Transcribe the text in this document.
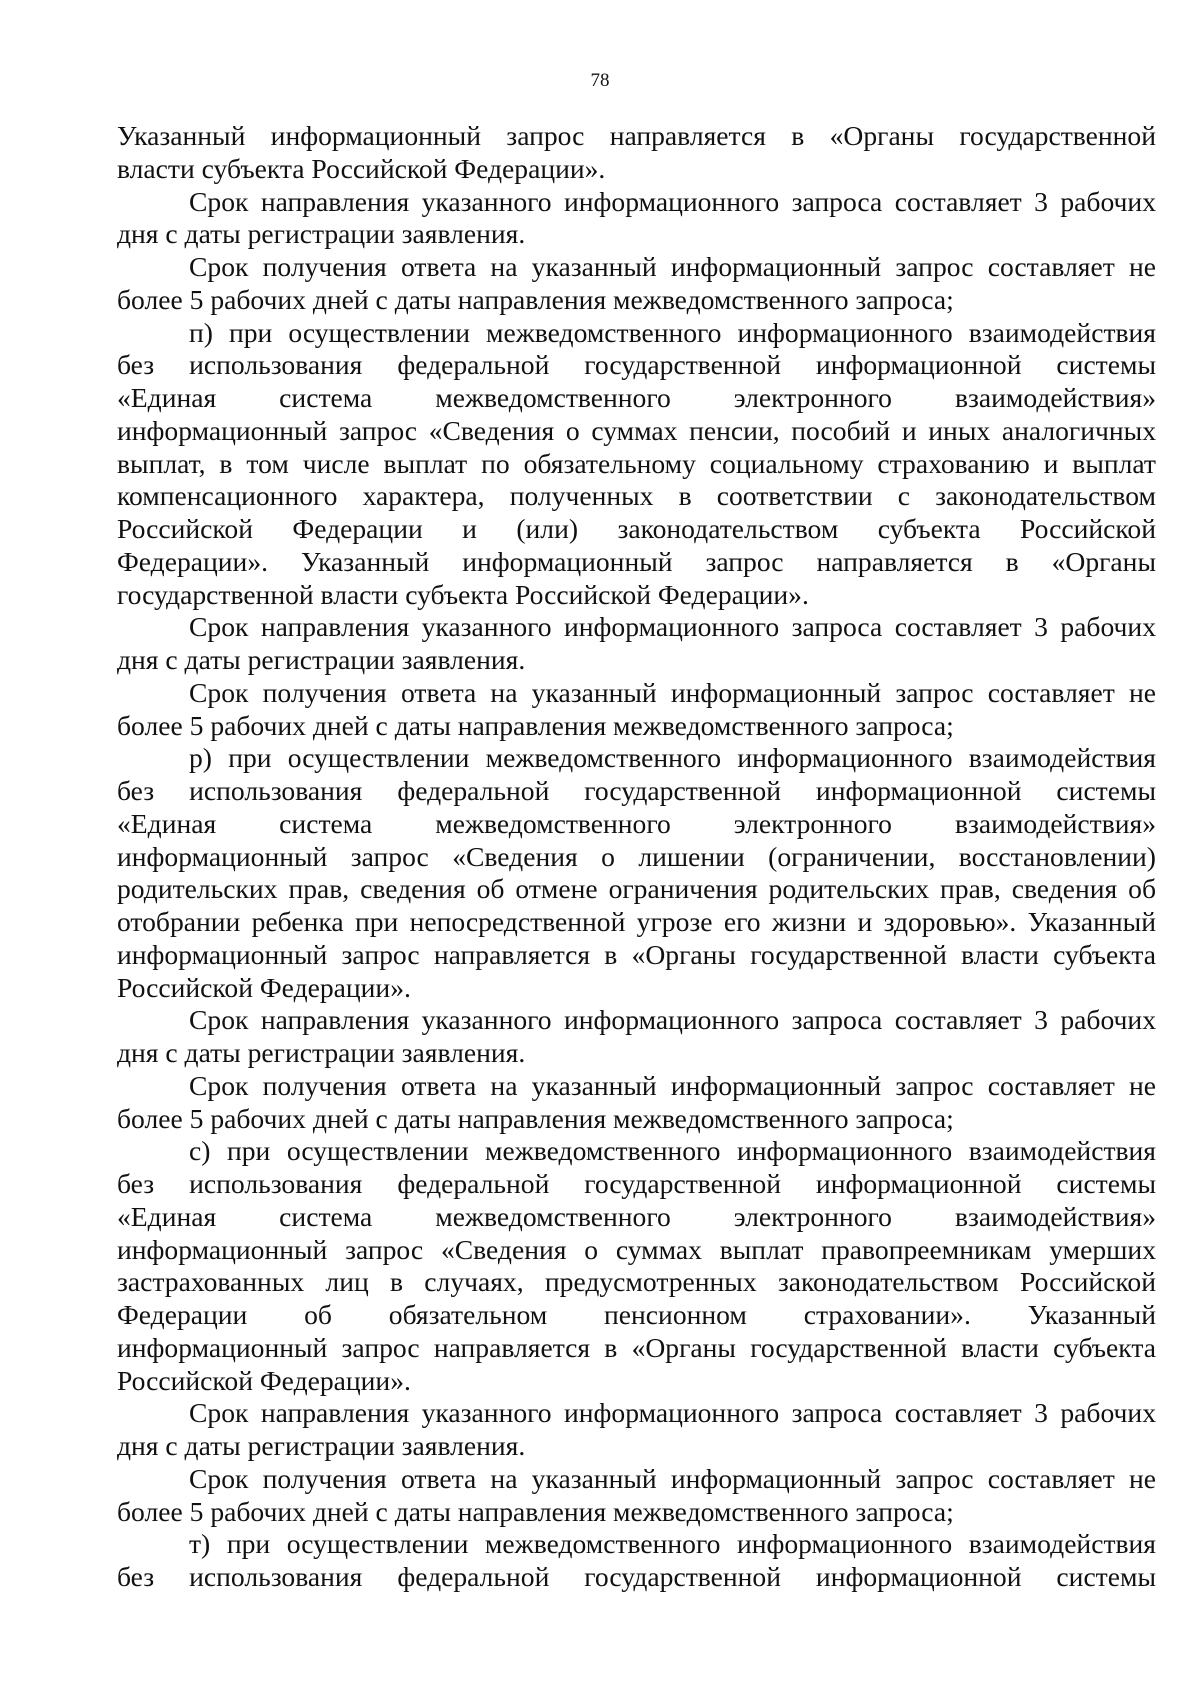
78
Указанный информационный запрос направляется в «Органы государственной
власти субъекта Российской Федерации».
Срок направления указанного информационного запроса составляет 3 рабочих
дня с даты регистрации заявления.
Срок получения ответа на указанный информационный запрос составляет не
более 5 рабочих дней с даты направления межведомственного запроса;
п) при осуществлении межведомственного информационного взаимодействия
без использования федеральной государственной информационной системы
«Единая система межведомственного электронного взаимодействия»
информационный запрос «Сведения о суммах пенсии, пособий и иных аналогичных
выплат, в том числе выплат по обязательному социальному страхованию и выплат
компенсационного характера, полученных в соответствии с законодательством
Российской Федерации и (или) законодательством субъекта Российской
Федерации». Указанный информационный запрос направляется в «Органы
государственной власти субъекта Российской Федерации».
Срок направления указанного информационного запроса составляет 3 рабочих
дня с даты регистрации заявления.
Срок получения ответа на указанный информационный запрос составляет не
более 5 рабочих дней с даты направления межведомственного запроса;
р) при осуществлении межведомственного информационного взаимодействия
без использования федеральной государственной информационной системы
«Единая система межведомственного электронного взаимодействия»
информационный запрос «Сведения о лишении (ограничении, восстановлении)
родительских прав, сведения об отмене ограничения родительских прав, сведения об
отобрании ребенка при непосредственной угрозе его жизни и здоровью». Указанный
информационный запрос направляется в «Органы государственной власти субъекта
Российской Федерации».
Срок направления указанного информационного запроса составляет 3 рабочих
дня с даты регистрации заявления.
Срок получения ответа на указанный информационный запрос составляет не
более 5 рабочих дней с даты направления межведомственного запроса;
с) при осуществлении межведомственного информационного взаимодействия
без использования федеральной государственной информационной системы
«Единая система межведомственного электронного взаимодействия»
информационный запрос «Сведения о суммах выплат правопреемникам умерших
застрахованных лиц в случаях, предусмотренных законодательством Российской
Федерации об обязательном пенсионном страховании». Указанный
информационный запрос направляется в «Органы государственной власти субъекта
Российской Федерации».
Срок направления указанного информационного запроса составляет 3 рабочих
дня с даты регистрации заявления.
Срок получения ответа на указанный информационный запрос составляет не
более 5 рабочих дней с даты направления межведомственного запроса;
т) при осуществлении межведомственного информационного взаимодействия
без использования федеральной государственной информационной системы
